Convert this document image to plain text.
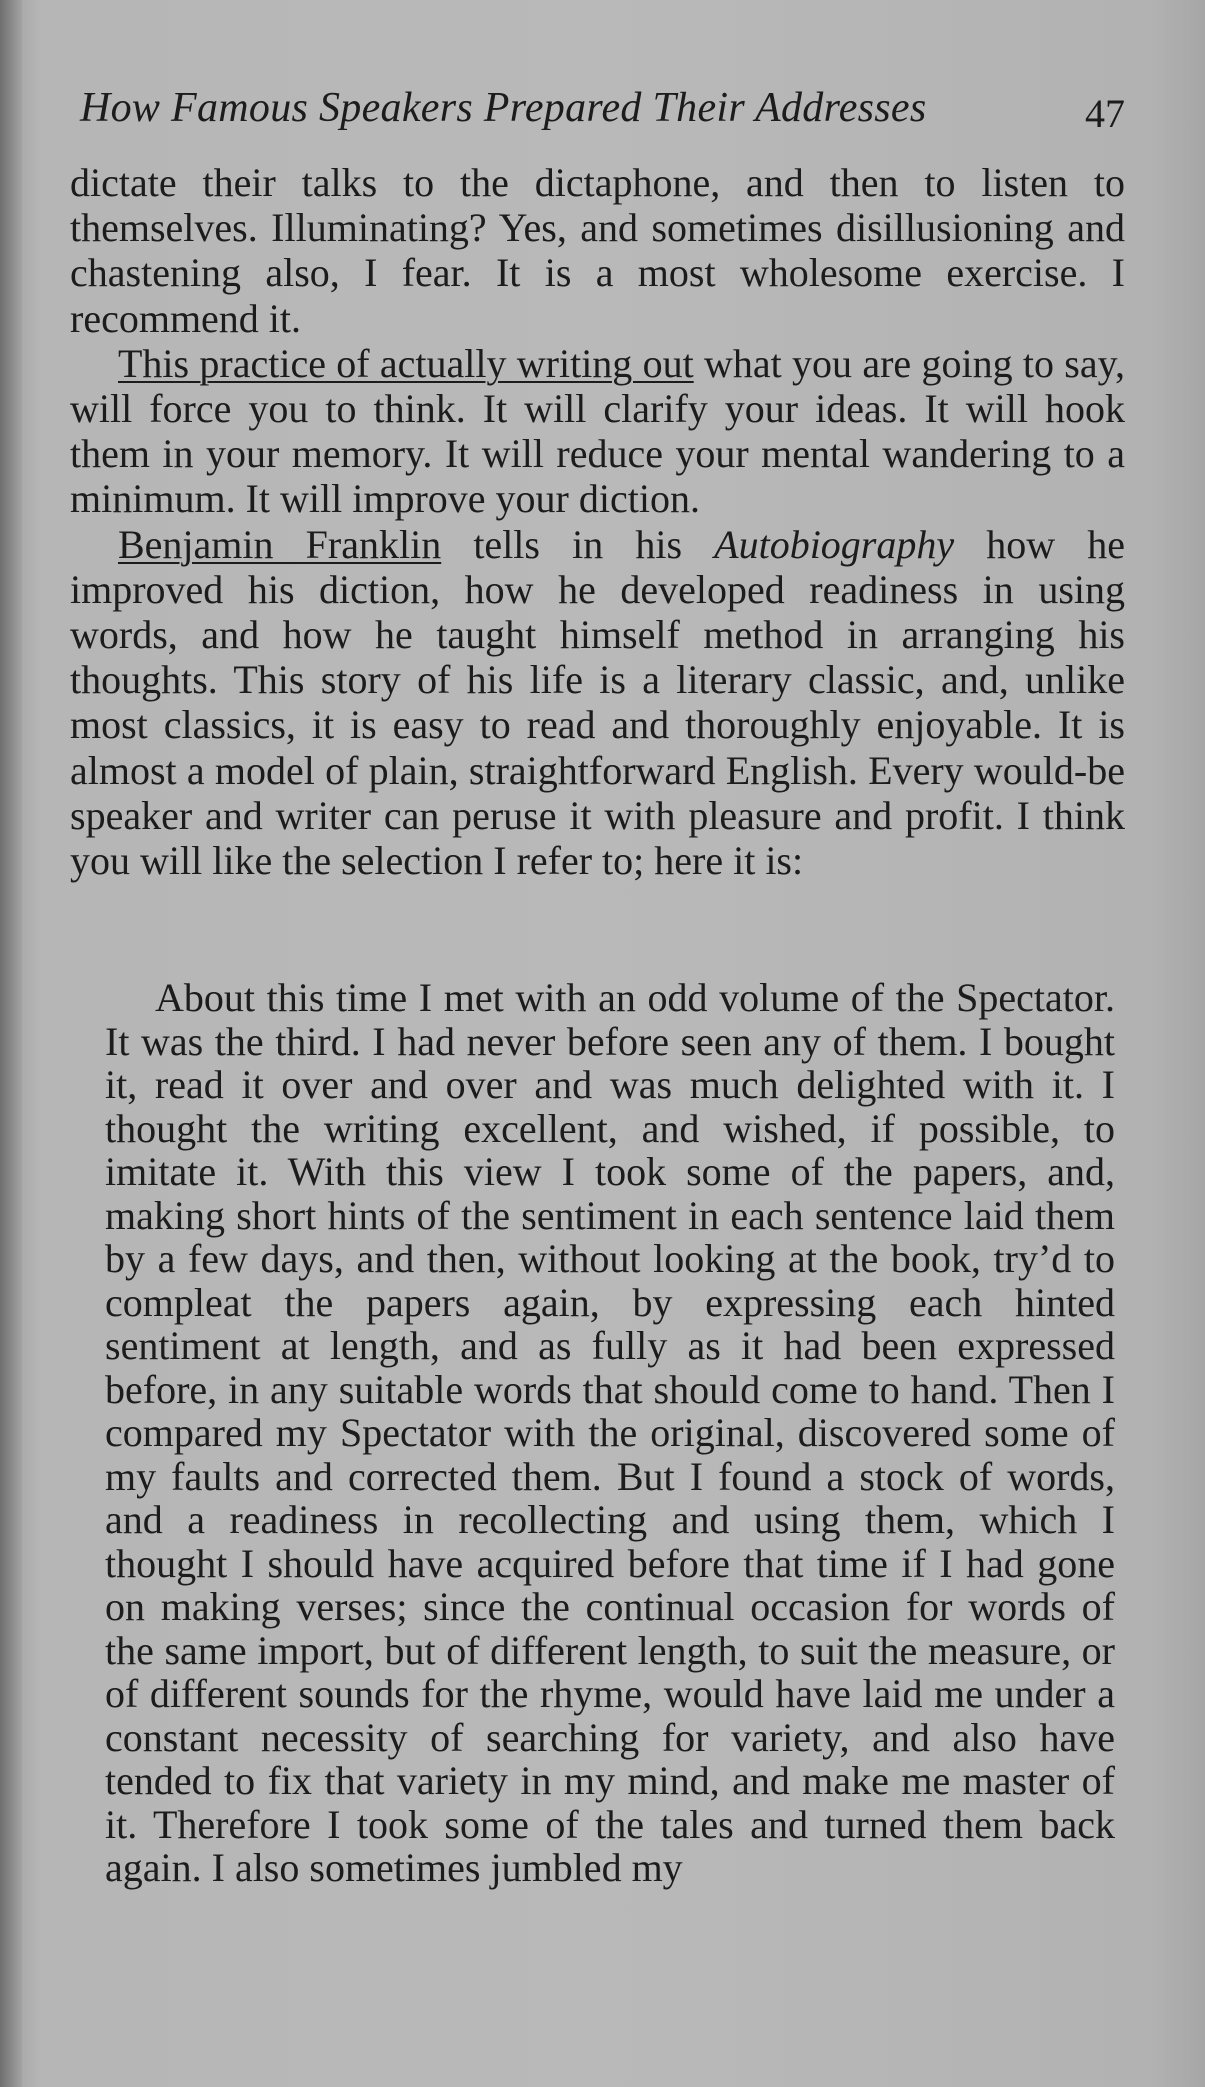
How Famous Speakers Prepared Their Addresses	47

dictate their talks to the dictaphone, and then to listen to themselves. Illuminating? Yes, and sometimes disillusioning and chastening also, I fear. It is a most wholesome exercise. I recommend it.

This practice of actually writing out what you are going to say, will force you to think. It will clarify your ideas. It will hook them in your memory. It will reduce your mental wandering to a minimum. It will improve your diction.

Benjamin Franklin tells in his Autobiography how he improved his diction, how he developed readiness in using words, and how he taught himself method in arranging his thoughts. This story of his life is a literary classic, and, unlike most classics, it is easy to read and thoroughly enjoyable. It is almost a model of plain, straightforward English. Every would-be speaker and writer can peruse it with pleasure and profit. I think you will like the selection I refer to; here it is:

About this time I met with an odd volume of the Spectator. It was the third. I had never before seen any of them. I bought it, read it over and over and was much delighted with it. I thought the writing excellent, and wished, if possible, to imitate it. With this view I took some of the papers, and, making short hints of the sentiment in each sentence laid them by a few days, and then, without looking at the book, try’d to compleat the papers again, by expressing each hinted sentiment at length, and as fully as it had been expressed before, in any suitable words that should come to hand. Then I compared my Spectator with the original, discovered some of my faults and corrected them. But I found a stock of words, and a readiness in recollecting and using them, which I thought I should have acquired before that time if I had gone on making verses; since the continual occasion for words of the same import, but of different length, to suit the measure, or of different sounds for the rhyme, would have laid me under a constant necessity of searching for variety, and also have tended to fix that variety in my mind, and make me master of it. Therefore I took some of the tales and turned them back again. I also sometimes jumbled my
